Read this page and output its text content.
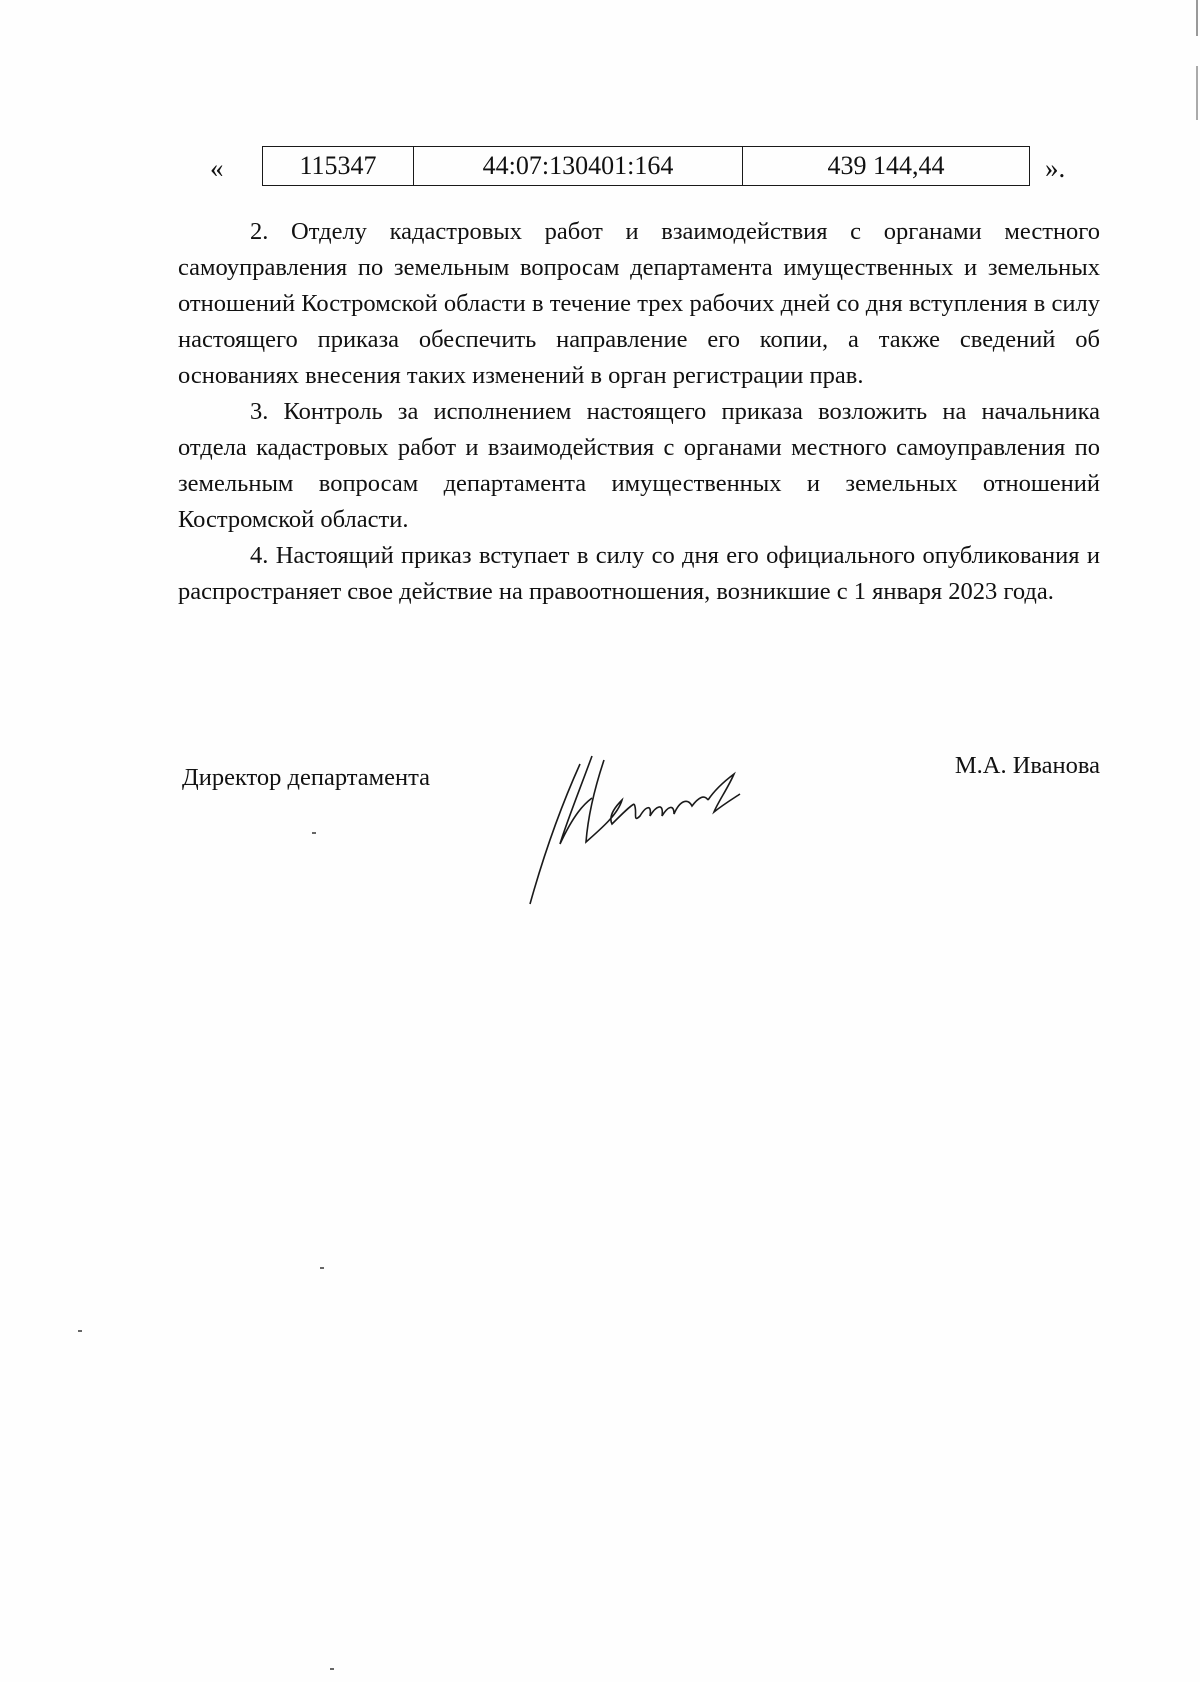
«	115347	44:07:130401:164	439 144,44	».

2. Отделу кадастровых работ и взаимодействия с органами местного самоуправления по земельным вопросам департамента имущественных и земельных отношений Костромской области в течение трех рабочих дней со дня вступления в силу настоящего приказа обеспечить направление его копии, а также сведений об основаниях внесения таких изменений в орган регистрации прав.

3. Контроль за исполнением настоящего приказа возложить на начальника отдела кадастровых работ и взаимодействия с органами местного самоуправления по земельным вопросам департамента имущественных и земельных отношений Костромской области.

4. Настоящий приказ вступает в силу со дня его официального опубликования и распространяет свое действие на правоотношения, возникшие с 1 января 2023 года.

Директор департамента	М.А. Иванова
